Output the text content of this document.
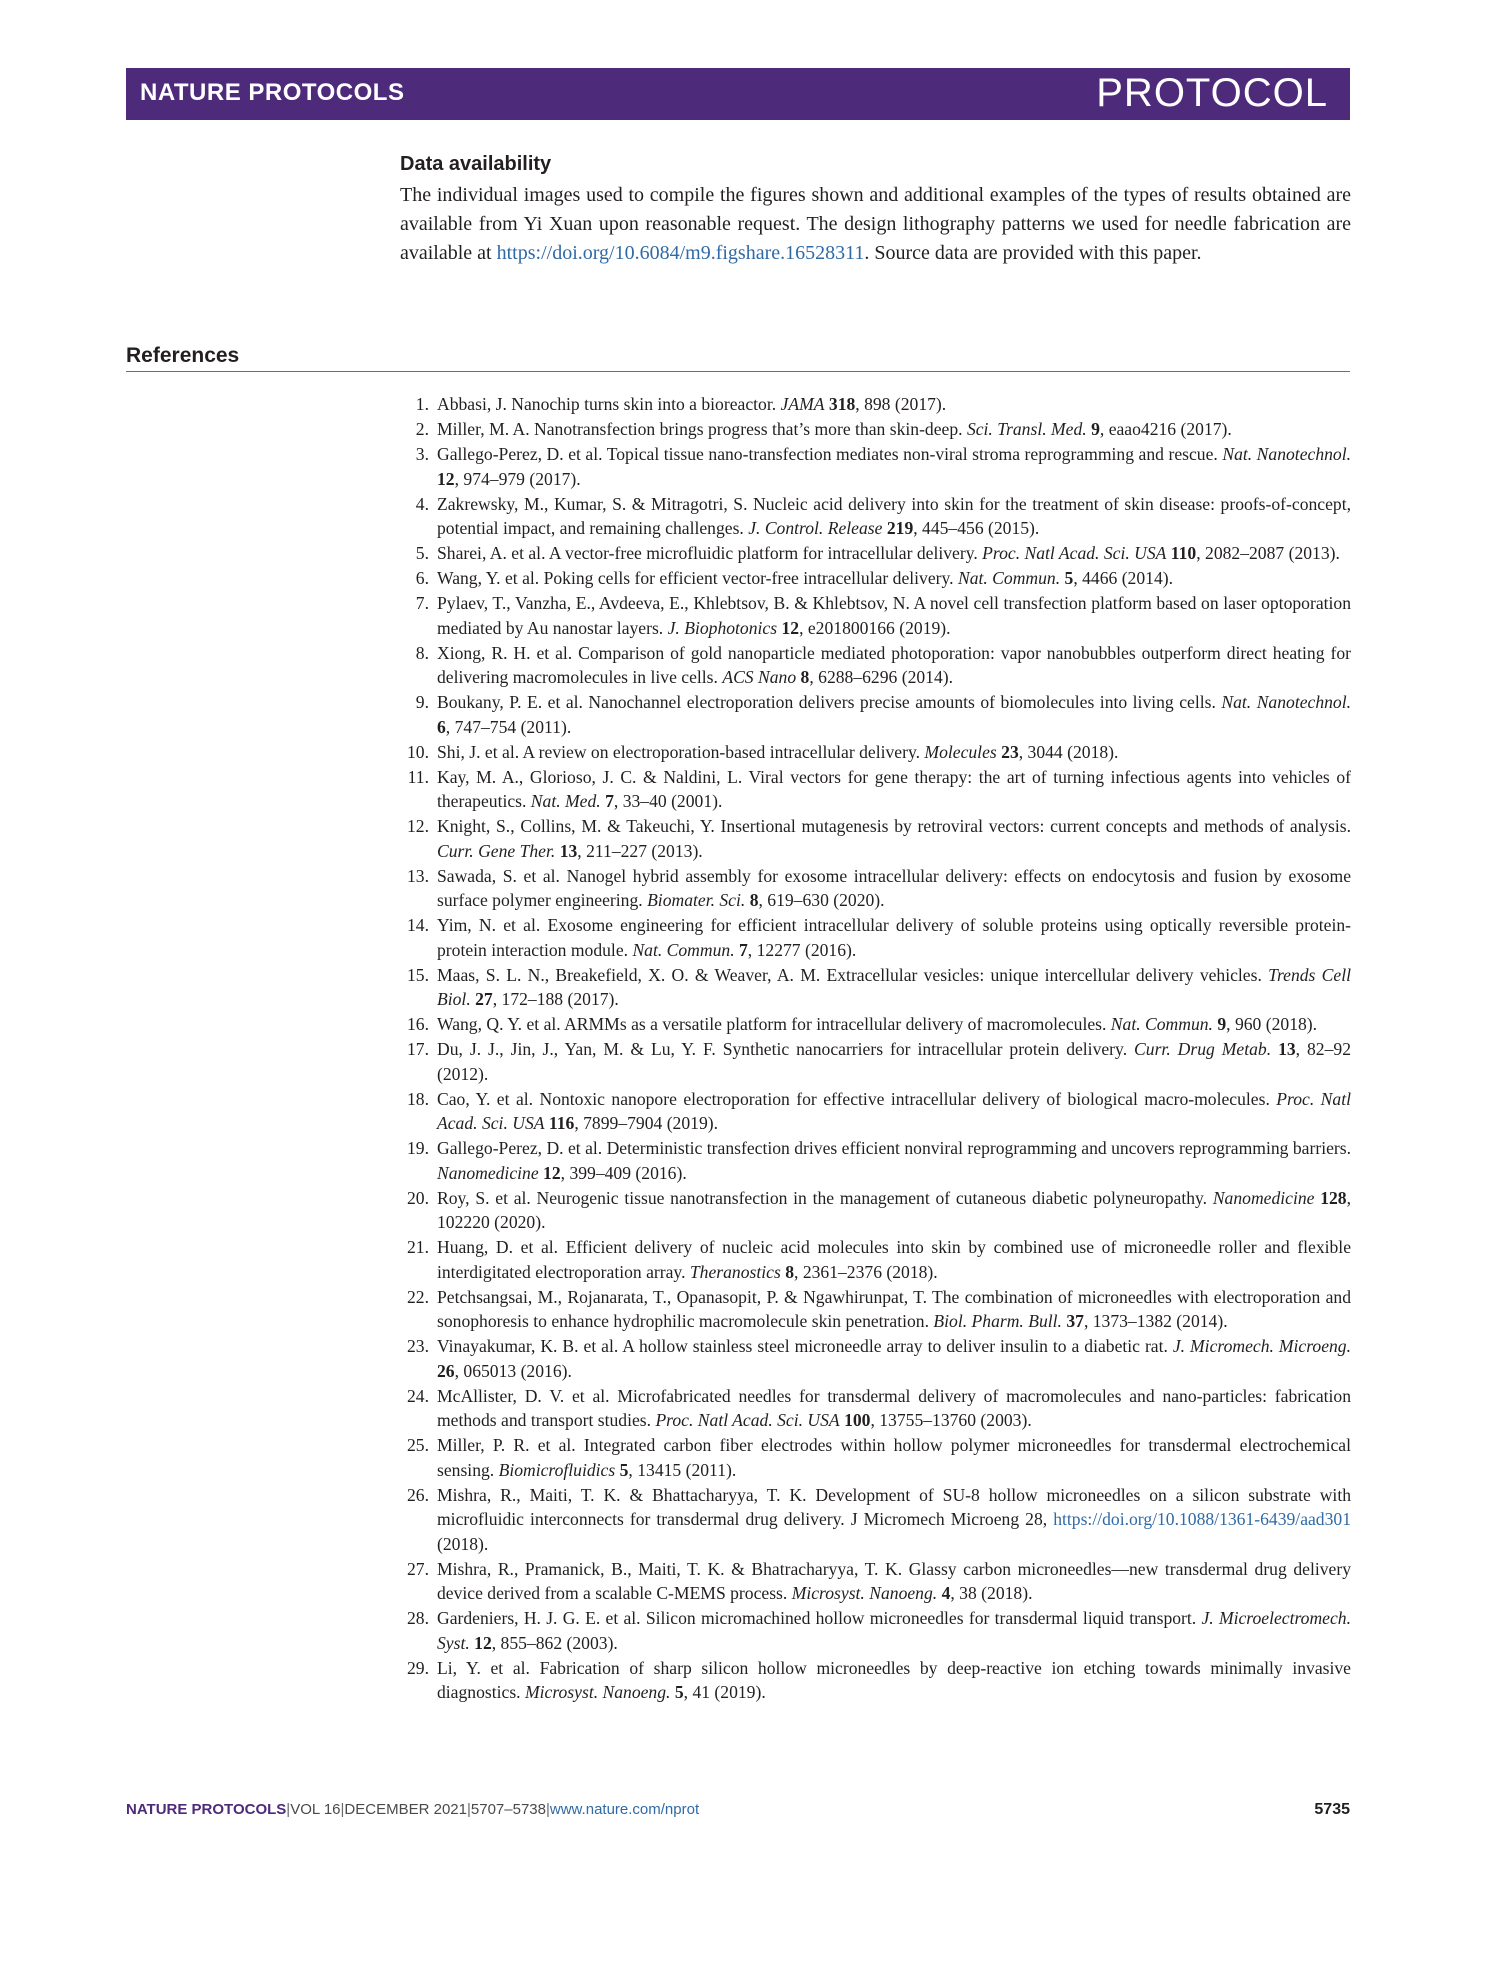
NATURE PROTOCOLS	PROTOCOL
Data availability

The individual images used to compile the figures shown and additional examples of the types of results obtained are available from Yi Xuan upon reasonable request. The design lithography patterns we used for needle fabrication are available at https://doi.org/10.6084/m9.figshare.16528311. Source data are provided with this paper.

References
1. Abbasi, J. Nanochip turns skin into a bioreactor. JAMA 318, 898 (2017).
2. Miller, M. A. Nanotransfection brings progress that’s more than skin-deep. Sci. Transl. Med. 9, eaao4216 (2017).
3. Gallego-Perez, D. et al. Topical tissue nano-transfection mediates non-viral stroma reprogramming and rescue. Nat. Nanotechnol. 12, 974–979 (2017).
4. Zakrewsky, M., Kumar, S. & Mitragotri, S. Nucleic acid delivery into skin for the treatment of skin disease: proofs-of-concept, potential impact, and remaining challenges. J. Control. Release 219, 445–456 (2015).
5. Sharei, A. et al. A vector-free microfluidic platform for intracellular delivery. Proc. Natl Acad. Sci. USA 110, 2082–2087 (2013).
6. Wang, Y. et al. Poking cells for efficient vector-free intracellular delivery. Nat. Commun. 5, 4466 (2014).
7. Pylaev, T., Vanzha, E., Avdeeva, E., Khlebtsov, B. & Khlebtsov, N. A novel cell transfection platform based on laser optoporation mediated by Au nanostar layers. J. Biophotonics 12, e201800166 (2019).
8. Xiong, R. H. et al. Comparison of gold nanoparticle mediated photoporation: vapor nanobubbles outperform direct heating for delivering macromolecules in live cells. ACS Nano 8, 6288–6296 (2014).
9. Boukany, P. E. et al. Nanochannel electroporation delivers precise amounts of biomolecules into living cells. Nat. Nanotechnol. 6, 747–754 (2011).
10. Shi, J. et al. A review on electroporation-based intracellular delivery. Molecules 23, 3044 (2018).
11. Kay, M. A., Glorioso, J. C. & Naldini, L. Viral vectors for gene therapy: the art of turning infectious agents into vehicles of therapeutics. Nat. Med. 7, 33–40 (2001).
12. Knight, S., Collins, M. & Takeuchi, Y. Insertional mutagenesis by retroviral vectors: current concepts and methods of analysis. Curr. Gene Ther. 13, 211–227 (2013).
13. Sawada, S. et al. Nanogel hybrid assembly for exosome intracellular delivery: effects on endocytosis and fusion by exosome surface polymer engineering. Biomater. Sci. 8, 619–630 (2020).
14. Yim, N. et al. Exosome engineering for efficient intracellular delivery of soluble proteins using optically reversible protein-protein interaction module. Nat. Commun. 7, 12277 (2016).
15. Maas, S. L. N., Breakefield, X. O. & Weaver, A. M. Extracellular vesicles: unique intercellular delivery vehicles. Trends Cell Biol. 27, 172–188 (2017).
16. Wang, Q. Y. et al. ARMMs as a versatile platform for intracellular delivery of macromolecules. Nat. Commun. 9, 960 (2018).
17. Du, J. J., Jin, J., Yan, M. & Lu, Y. F. Synthetic nanocarriers for intracellular protein delivery. Curr. Drug Metab. 13, 82–92 (2012).
18. Cao, Y. et al. Nontoxic nanopore electroporation for effective intracellular delivery of biological macro-molecules. Proc. Natl Acad. Sci. USA 116, 7899–7904 (2019).
19. Gallego-Perez, D. et al. Deterministic transfection drives efficient nonviral reprogramming and uncovers reprogramming barriers. Nanomedicine 12, 399–409 (2016).
20. Roy, S. et al. Neurogenic tissue nanotransfection in the management of cutaneous diabetic polyneuropathy. Nanomedicine 128, 102220 (2020).
21. Huang, D. et al. Efficient delivery of nucleic acid molecules into skin by combined use of microneedle roller and flexible interdigitated electroporation array. Theranostics 8, 2361–2376 (2018).
22. Petchsangsai, M., Rojanarata, T., Opanasopit, P. & Ngawhirunpat, T. The combination of microneedles with electroporation and sonophoresis to enhance hydrophilic macromolecule skin penetration. Biol. Pharm. Bull. 37, 1373–1382 (2014).
23. Vinayakumar, K. B. et al. A hollow stainless steel microneedle array to deliver insulin to a diabetic rat. J. Micromech. Microeng. 26, 065013 (2016).
24. McAllister, D. V. et al. Microfabricated needles for transdermal delivery of macromolecules and nano-particles: fabrication methods and transport studies. Proc. Natl Acad. Sci. USA 100, 13755–13760 (2003).
25. Miller, P. R. et al. Integrated carbon fiber electrodes within hollow polymer microneedles for transdermal electrochemical sensing. Biomicrofluidics 5, 13415 (2011).
26. Mishra, R., Maiti, T. K. & Bhattacharyya, T. K. Development of SU-8 hollow microneedles on a silicon substrate with microfluidic interconnects for transdermal drug delivery. J Micromech Microeng 28, https://doi.org/10.1088/1361-6439/aad301 (2018).
27. Mishra, R., Pramanick, B., Maiti, T. K. & Bhatracharyya, T. K. Glassy carbon microneedles—new transdermal drug delivery device derived from a scalable C-MEMS process. Microsyst. Nanoeng. 4, 38 (2018).
28. Gardeniers, H. J. G. E. et al. Silicon micromachined hollow microneedles for transdermal liquid transport. J. Microelectromech. Syst. 12, 855–862 (2003).
29. Li, Y. et al. Fabrication of sharp silicon hollow microneedles by deep-reactive ion etching towards minimally invasive diagnostics. Microsyst. Nanoeng. 5, 41 (2019).
NATURE PROTOCOLS|VOL 16|DECEMBER 2021|5707–5738|www.nature.com/nprot	5735
